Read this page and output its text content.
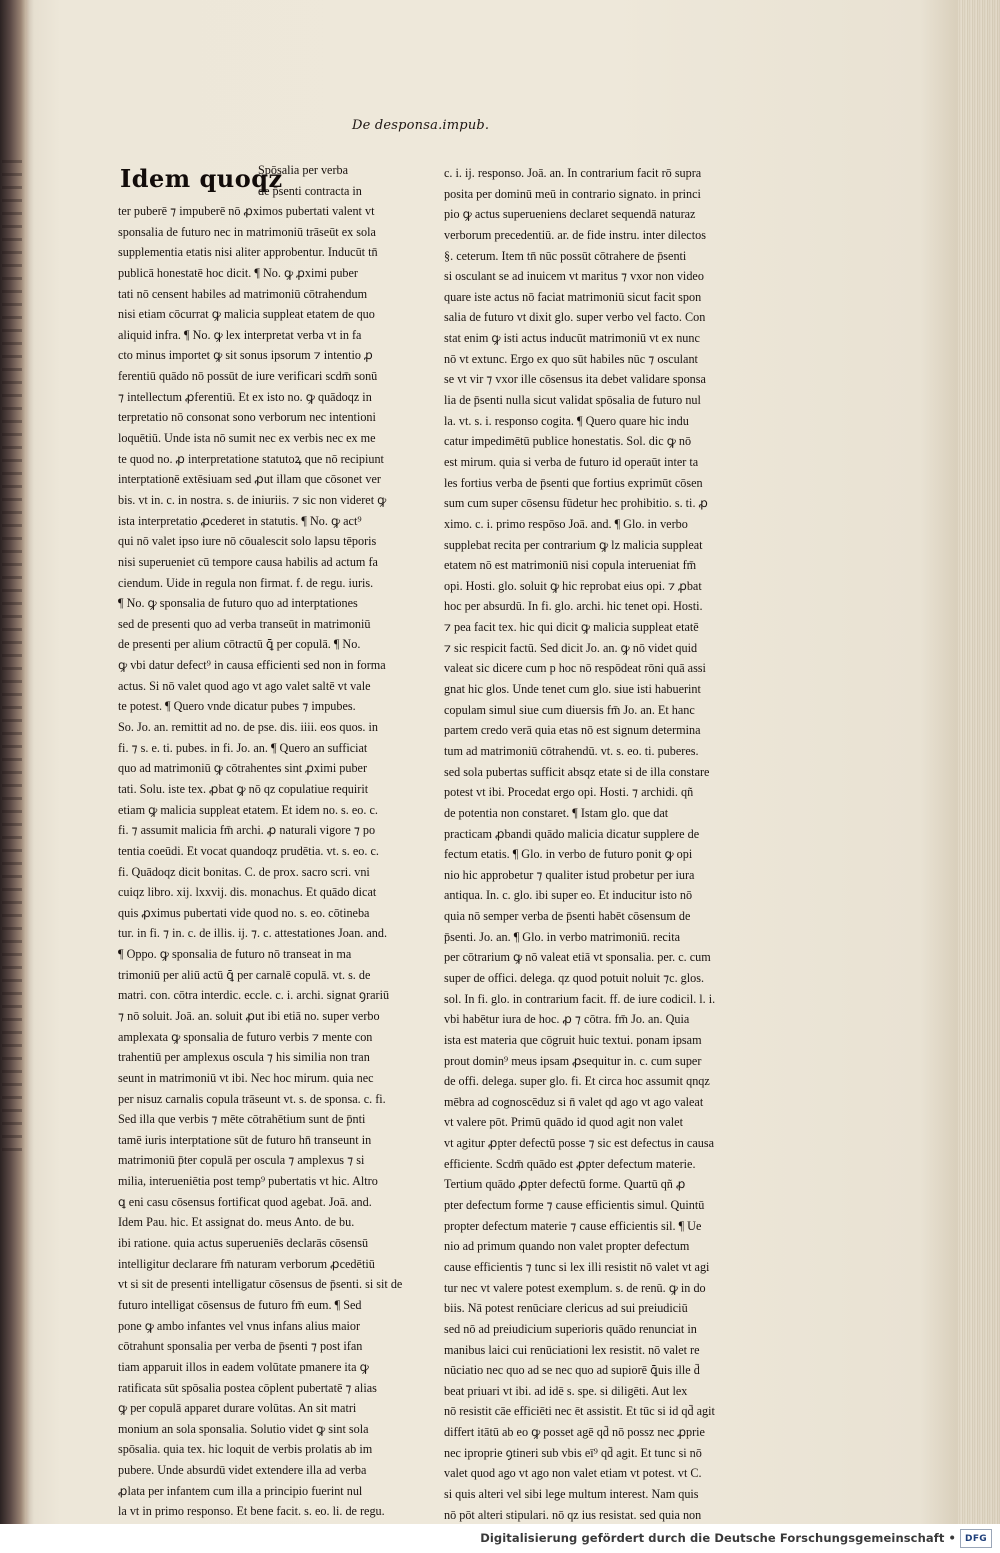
De desponsa.impub.
Idem quoqz
Spōsalia per verba
de p̄senti contracta in
ter puberē ⁊ impuberē nō ꝓximos pubertati valent vt
sponsalia de futuro nec in matrimoniū trāseūt ex sola
supplementia etatis nisi aliter approbentur. Inducūt tn̄
publicā honestatē hoc dicit. ¶ No. ꝙ ꝓximi puber
tati nō censent habiles ad matrimoniū cōtrahendum
nisi etiam cōcurrat ꝙ malicia suppleat etatem de quo
aliquid infra. ¶ No. ꝙ lex interpretat verba vt in fa
cto minus importet ꝙ sit sonus ipsorum ⁊ intentio ꝓ
ferentiū quādo nō possūt de iure verificari scdm̄ sonū
⁊ intellectum ꝓferentiū. Et ex isto no. ꝙ quādoqz in
terpretatio nō consonat sono verborum nec intentioni
loquētiū. Unde ista nō sumit nec ex verbis nec ex me
te quod no. ꝓ interpretatione statutoꝝ que nō recipiunt
interptationē extēsiuam sed ꝓut illam que cōsonet ver
bis. vt in. c. in nostra. s. de iniuriis. ⁊ sic non videret ꝙ
ista interpretatio ꝓcederet in statutis. ¶ No. ꝙ act⁹
qui nō valet ipso iure nō cōualescit solo lapsu tēporis
nisi superueniet cū tempore causa habilis ad actum fa
ciendum. Uide in regula non firmat. f. de regu. iuris.
¶ No. ꝙ sponsalia de futuro quo ad interptationes
sed de presenti quo ad verba transeūt in matrimoniū
de presenti per alium cōtractū ꝗ̄ per copulā. ¶ No.
ꝙ vbi datur defect⁹ in causa efficienti sed non in forma
actus. Si nō valet quod ago vt ago valet saltē vt vale
te potest. ¶ Quero vnde dicatur pubes ⁊ impubes.
So. Jo. an. remittit ad no. de pse. dis. iiii. eos quos. in
fi. ⁊ s. e. ti. pubes. in fi. Jo. an. ¶ Quero an sufficiat
quo ad matrimoniū ꝙ cōtrahentes sint ꝓximi puber
tati. Solu. iste tex. ꝓbat ꝙ nō qz copulatiue requirit
etiam ꝙ malicia suppleat etatem. Et idem no. s. eo. c.
fi. ⁊ assumit malicia fm̄ archi. ꝓ naturali vigore ⁊ po
tentia coeūdi. Et vocat quandoqz prudētia. vt. s. eo. c.
fi. Quādoqz dicit bonitas. C. de prox. sacro scri. vni
cuiqz libro. xij. lxxvij. dis. monachus. Et quādo dicat
quis ꝓximus pubertati vide quod no. s. eo. cōtineba
tur. in fi. ⁊ in. c. de illis. ij. ⁊. c. attestationes Joan. and.
¶ Oppo. ꝙ sponsalia de futuro nō transeat in ma
trimoniū per aliū actū ꝗ̄ per carnalē copulā. vt. s. de
matri. con. cōtra interdic. eccle. c. i. archi. signat ꝯrariū
⁊ nō soluit. Joā. an. soluit ꝓut ibi etiā no. super verbo
amplexata ꝙ sponsalia de futuro verbis ⁊ mente con
trahentiū per amplexus oscula ⁊ his similia non tran
seunt in matrimoniū vt ibi. Nec hoc mirum. quia nec
per nisuz carnalis copula trāseunt vt. s. de sponsa. c. fi.
Sed illa que verbis ⁊ mēte cōtrahētium sunt de p̄nti
tamē iuris interptatione sūt de futuro hn̄ transeunt in
matrimoniū p̄ter copulā per oscula ⁊ amplexus ⁊ si
milia, interueniētia post temp⁹ pubertatis vt hic. Altro
ꝗ eni casu cōsensus fortificat quod agebat. Joā. and.
Idem Pau. hic. Et assignat do. meus Anto. de bu.
ibi ratione. quia actus superueniēs declarās cōsensū
intelligitur declarare fm̄ naturam verborum ꝓcedētiū
vt si sit de presenti intelligatur cōsensus de p̄senti. si sit de
futuro intelligat cōsensus de futuro fm̄ eum. ¶ Sed
pone ꝙ ambo infantes vel vnus infans alius maior
cōtrahunt sponsalia per verba de p̄senti ⁊ post ifan
tiam apparuit illos in eadem volūtate pmanere ita ꝙ
ratificata sūt spōsalia postea cōplent pubertatē ⁊ alias
ꝙ per copulā apparet durare volūtas. An sit matri
monium an sola sponsalia. Solutio videt ꝙ sint sola
spōsalia. quia tex. hic loquit de verbis prolatis ab im
pubere. Unde absurdū videt extendere illa ad verba
ꝓlata per infantem cum illa a principio fuerint nul
la vt in primo responso. Et bene facit. s. eo. li. de regu.
c. i. ij. responso. Joā. an. In contrarium facit rō supra
posita per dominū meū in contrario signato. in princi
pio ꝙ actus superueniens declaret sequendā naturaz
verborum precedentiū. ar. de fide instru. inter dilectos
§. ceterum. Item tn̄ nūc possūt cōtrahere de p̄senti
si osculant se ad inuicem vt maritus ⁊ vxor non video
quare iste actus nō faciat matrimoniū sicut facit spon
salia de futuro vt dixit glo. super verbo vel facto. Con
stat enim ꝙ isti actus inducūt matrimoniū vt ex nunc
nō vt extunc. Ergo ex quo sūt habiles nūc ⁊ osculant
se vt vir ⁊ vxor ille cōsensus ita debet validare sponsa
lia de p̄senti nulla sicut validat spōsalia de futuro nul
la. vt. s. i. responso cogita. ¶ Quero quare hic indu
catur impedimētū publice honestatis. Sol. dic ꝙ nō
est mirum. quia si verba de futuro id operaūt inter ta
les fortius verba de p̄senti que fortius exprimūt cōsen
sum cum super cōsensu fūdetur hec prohibitio. s. ti. ꝓ
ximo. c. i. primo respōso Joā. and. ¶ Glo. in verbo
supplebat recita per contrarium ꝙ lz malicia suppleat
etatem nō est matrimoniū nisi copula interueniat fm̄
opi. Hosti. glo. soluit ꝙ hic reprobat eius opi. ⁊ ꝓbat
hoc per absurdū. In fi. glo. archi. hic tenet opi. Hosti.
⁊ pea facit tex. hic qui dicit ꝙ malicia suppleat etatē
⁊ sic respicit factū. Sed dicit Jo. an. ꝙ nō videt quid
valeat sic dicere cum p hoc nō respōdeat rōni quā assi
gnat hic glos. Unde tenet cum glo. siue isti habuerint
copulam simul siue cum diuersis fm̄ Jo. an. Et hanc
partem credo verā quia etas nō est signum determina
tum ad matrimoniū cōtrahendū. vt. s. eo. ti. puberes.
sed sola pubertas sufficit absqz etate si de illa constare
potest vt ibi. Procedat ergo opi. Hosti. ⁊ archidi. qñ
de potentia non constaret. ¶ Istam glo. que dat
practicam ꝓbandi quādo malicia dicatur supplere de
fectum etatis. ¶ Glo. in verbo de futuro ponit ꝙ opi
nio hic approbetur ⁊ qualiter istud probetur per iura
antiqua. In. c. glo. ibi super eo. Et inducitur isto nō
quia nō semper verba de p̄senti habēt cōsensum de
p̄senti. Jo. an. ¶ Glo. in verbo matrimoniū. recita
per cōtrarium ꝙ nō valeat etiā vt sponsalia. per. c. cum
super de offici. delega. qz quod potuit noluit ⁊c. glos.
sol. In fi. glo. in contrarium facit. ff. de iure codicil. l. i.
vbi habētur iura de hoc. ꝓ ⁊ cōtra. fm̄ Jo. an. Quia
ista est materia que cōgruit huic textui. ponam ipsam
prout domin⁹ meus ipsam ꝓsequitur in. c. cum super
de offi. delega. super glo. fi. Et circa hoc assumit qnqz
mēbra ad cognoscēduz si n̄ valet qd ago vt ago valeat
vt valere pōt. Primū quādo id quod agit non valet
vt agitur ꝓpter defectū posse ⁊ sic est defectus in causa
efficiente. Scdm̄ quādo est ꝓpter defectum materie.
Tertium quādo ꝓpter defectū forme. Quartū qñ ꝓ
pter defectum forme ⁊ cause efficientis simul. Quintū
propter defectum materie ⁊ cause efficientis sil. ¶ Ue
nio ad primum quando non valet propter defectum
cause efficientis ⁊ tunc si lex illi resistit nō valet vt agi
tur nec vt valere potest exemplum. s. de renū. ꝙ in do
biis. Nā potest renūciare clericus ad sui preiudiciū
sed nō ad preiudicium superioris quādo renunciat in
manibus laici cui renūciationi lex resistit. nō valet re
nūciatio nec quo ad se nec quo ad supiorē ꝗ̄uis ille d̄
beat priuari vt ibi. ad idē s. spe. si diligēti. Aut lex
nō resistit cāe efficiēti nec ēt assistit. Et tūc si id qd̄ agit
differt itātū ab eo ꝙ posset agē qd̄ nō possz nec ꝓprie
nec iproprie ꝯtineri sub vbis eī⁹ qd̄ agit. Et tunc si nō
valet quod ago vt ago non valet etiam vt potest. vt C.
si quis alteri vel sibi lege multum interest. Nam quis
nō pōt alteri stipulari. nō qz ius resistat. sed quia non
Digitalisierung gefördert durch die Deutsche Forschungsgemeinschaft •	DFG
